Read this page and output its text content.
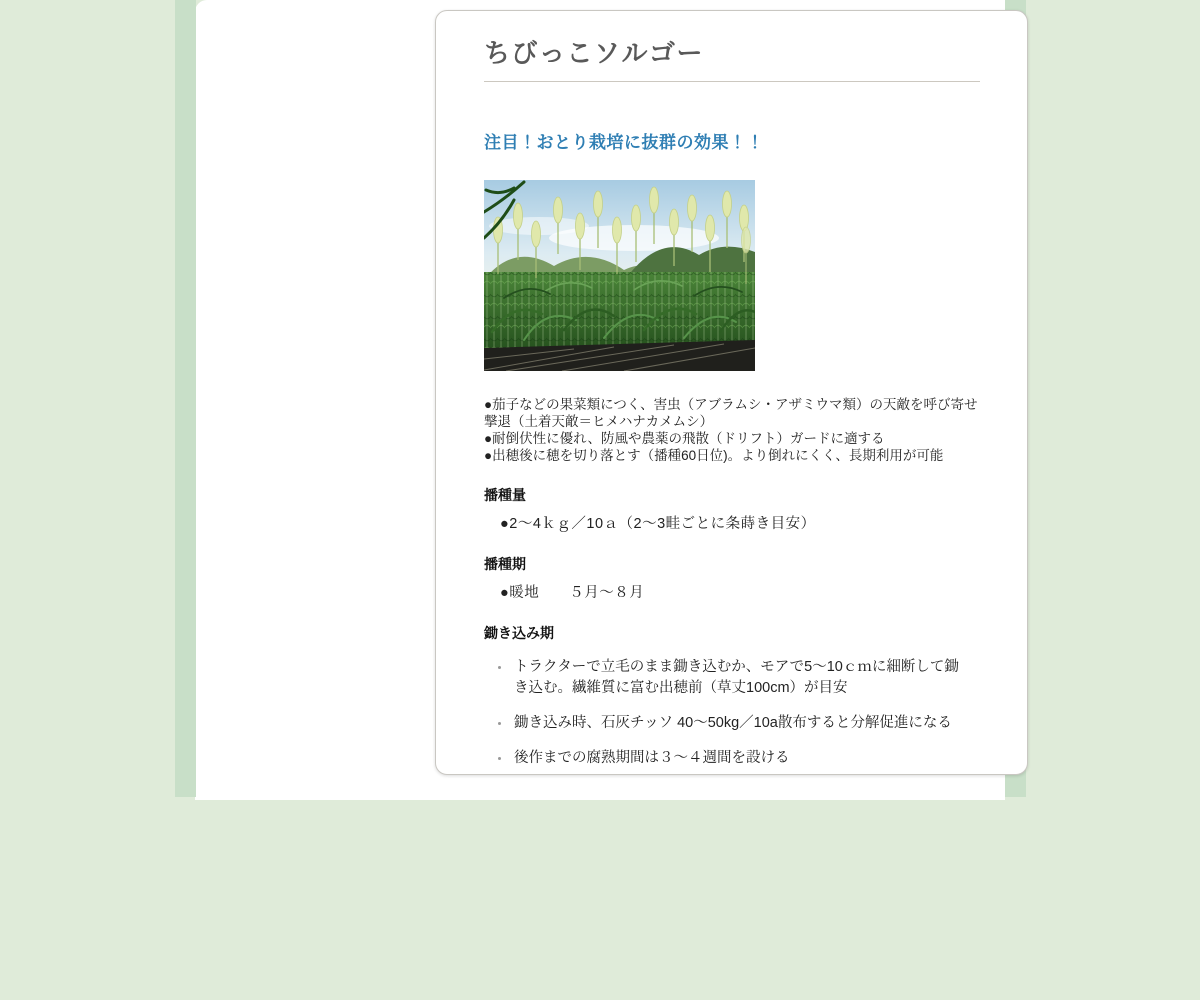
ちびっこソルゴー
注目！おとり栽培に抜群の効果！！
●茄子などの果菜類につく、害虫（アブラムシ・アザミウマ類）の天敵を呼び寄せ撃退（土着天敵＝ヒメハナカメムシ）
●耐倒伏性に優れ、防風や農薬の飛散（ドリフト）ガードに適する
●出穂後に穂を切り落とす（播種60日位)。より倒れにくく、長期利用が可能
播種量
●2〜4ｋｇ／10ａ（2〜3畦ごとに条蒔き目安）
播種期
●暖地　　５月〜８月
鋤き込み期
• トラクターで立毛のまま鋤き込むか、モアで5〜10ｃｍに細断して鋤き込む。繊維質に富む出穂前（草丈100cm）が目安
• 鋤き込み時、石灰チッソ 40〜50kg／10a散布すると分解促進になる
• 後作までの腐熟期間は３〜４週間を設ける
